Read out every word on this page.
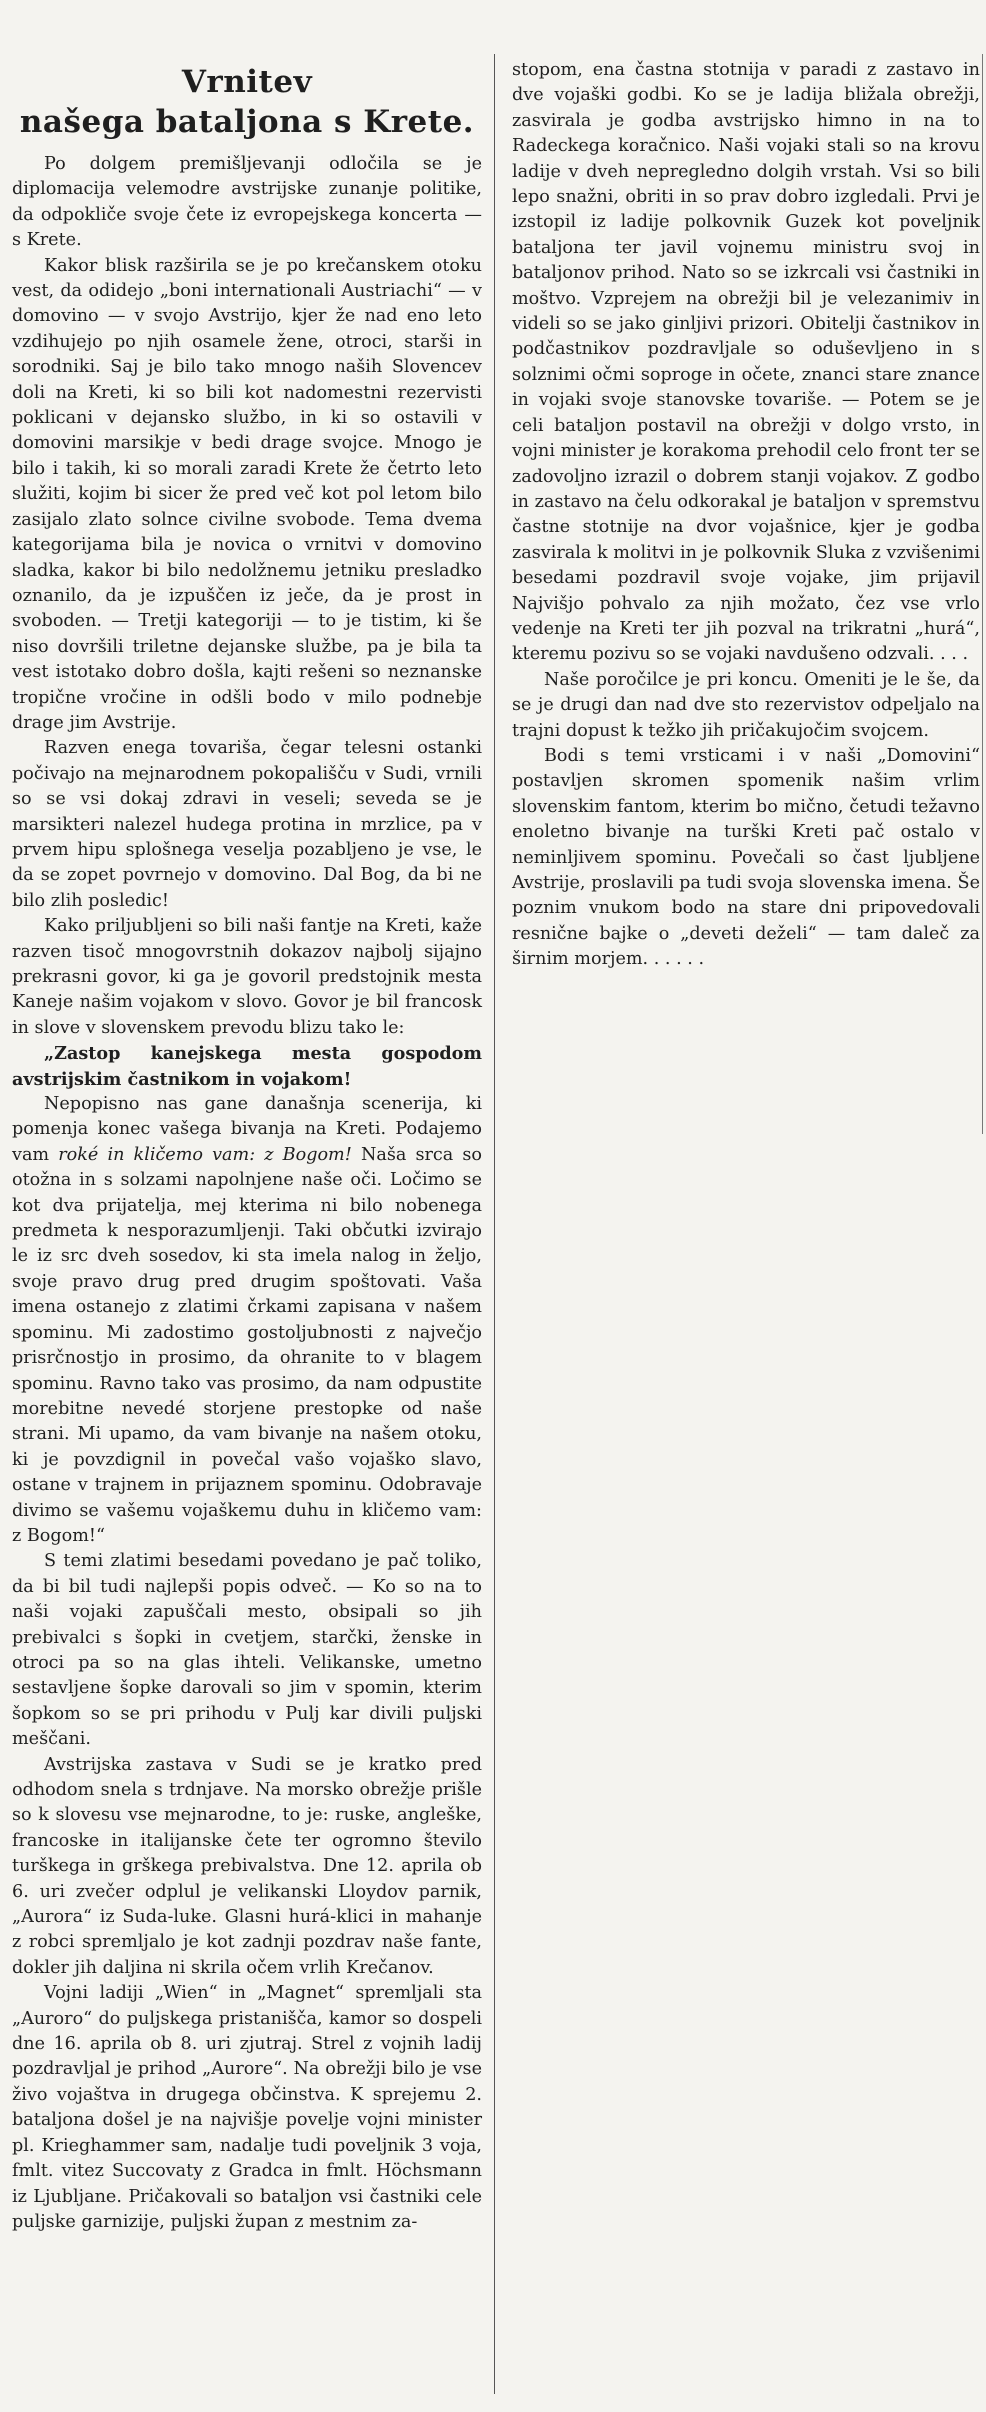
Vrnitev
našega bataljona s Krete.

Po dolgem premišljevanji odločila se je diplomacija velemodre avstrijske zunanje politike, da odpokliče svoje čete iz evropejskega koncerta — s Krete.

Kakor blisk razširila se je po krečanskem otoku vest, da odidejo „boni internationali Austriachi“ — v domovino — v svojo Avstrijo, kjer že nad eno leto vzdihujejo po njih osamele žene, otroci, starši in sorodniki. Saj je bilo tako mnogo naših Slovencev doli na Kreti, ki so bili kot nadomestni rezervisti poklicani v dejansko službo, in ki so ostavili v domovini marsikje v bedi drage svojce. Mnogo je bilo i takih, ki so morali zaradi Krete že četrto leto služiti, kojim bi sicer že pred več kot pol letom bilo zasijalo zlato solnce civilne svobode. Tema dvema kategorijama bila je novica o vrnitvi v domovino sladka, kakor bi bilo nedolžnemu jetniku presladko oznanilo, da je izpuščen iz ječe, da je prost in svoboden. — Tretji kategoriji — to je tistim, ki še niso dovršili triletne dejanske službe, pa je bila ta vest istotako dobro došla, kajti rešeni so neznanske tropične vročine in odšli bodo v milo podnebje drage jim Avstrije.

Razven enega tovariša, čegar telesni ostanki počivajo na mejnarodnem pokopališču v Sudi, vrnili so se vsi dokaj zdravi in veseli; seveda se je marsikteri nalezel hudega protina in mrzlice, pa v prvem hipu splošnega veselja pozabljeno je vse, le da se zopet povrnejo v domovino. Dal Bog, da bi ne bilo zlih posledic!

Kako priljubljeni so bili naši fantje na Kreti, kaže razven tisoč mnogovrstnih dokazov najbolj sijajno prekrasni govor, ki ga je govoril predstojnik mesta Kaneje našim vojakom v slovo. Govor je bil francosk in slove v slovenskem prevodu blizu tako le:

„Zastop kanejskega mesta gospodom avstrijskim častnikom in vojakom!

Nepopisno nas gane današnja scenerija, ki pomenja konec vašega bivanja na Kreti. Podajemo vam roké in kličemo vam: z Bogom! Naša srca so otožna in s solzami napolnjene naše oči. Ločimo se kot dva prijatelja, mej kterima ni bilo nobenega predmeta k nesporazumljenji. Taki občutki izvirajo le iz src dveh sosedov, ki sta imela nalog in željo, svoje pravo drug pred drugim spoštovati. Vaša imena ostanejo z zlatimi črkami zapisana v našem spominu. Mi zadostimo gostoljubnosti z največjo prisrčnostjo in prosimo, da ohranite to v blagem spominu. Ravno tako vas prosimo, da nam odpustite morebitne nevedé storjene prestopke od naše strani. Mi upamo, da vam bivanje na našem otoku, ki je povzdignil in povečal vašo vojaško slavo, ostane v trajnem in prijaznem spominu. Odobravaje divimo se vašemu vojaškemu duhu in kličemo vam: z Bogom!“

S temi zlatimi besedami povedano je pač toliko, da bi bil tudi najlepši popis odveč. — Ko so na to naši vojaki zapuščali mesto, obsipali so jih prebivalci s šopki in cvetjem, starčki, ženske in otroci pa so na glas ihteli. Velikanske, umetno sestavljene šopke darovali so jim v spomin, kterim šopkom so se pri prihodu v Pulj kar divili puljski meščani.

Avstrijska zastava v Sudi se je kratko pred odhodom snela s trdnjave. Na morsko obrežje prišle so k slovesu vse mejnarodne, to je: ruske, angleške, francoske in italijanske čete ter ogromno število turškega in grškega prebivalstva. Dne 12. aprila ob 6. uri zvečer odplul je velikanski Lloydov parnik, „Aurora“ iz Suda-luke. Glasni hurá-klici in mahanje z robci spremljalo je kot zadnji pozdrav naše fante, dokler jih daljina ni skrila očem vrlih Krečanov.

Vojni ladiji „Wien“ in „Magnet“ spremljali sta „Auroro“ do puljskega pristanišča, kamor so dospeli dne 16. aprila ob 8. uri zjutraj. Strel z vojnih ladij pozdravljal je prihod „Aurore“. Na obrežji bilo je vse živo vojaštva in drugega občinstva. K sprejemu 2. bataljona došel je na najvišje povelje vojni minister pl. Krieghammer sam, nadalje tudi poveljnik 3 voja, fmlt. vitez Succovaty z Gradca in fmlt. Höchsmann iz Ljubljane. Pričakovali so bataljon vsi častniki cele puljske garnizije, puljski župan z mestnim za-

stopom, ena častna stotnija v paradi z zastavo in dve vojaški godbi. Ko se je ladija bližala obrežji, zasvirala je godba avstrijsko himno in na to Radeckega koračnico. Naši vojaki stali so na krovu ladije v dveh nepregledno dolgih vrstah. Vsi so bili lepo snažni, obriti in so prav dobro izgledali. Prvi je izstopil iz ladije polkovnik Guzek kot poveljnik bataljona ter javil vojnemu ministru svoj in bataljonov prihod. Nato so se izkrcali vsi častniki in moštvo. Vzprejem na obrežji bil je velezanimiv in videli so se jako ginljivi prizori. Obitelji častnikov in podčastnikov pozdravljale so oduševljeno in s solznimi očmi soproge in očete, znanci stare znance in vojaki svoje stanovske tovariše. — Potem se je celi bataljon postavil na obrežji v dolgo vrsto, in vojni minister je korakoma prehodil celo front ter se zadovoljno izrazil o dobrem stanji vojakov. Z godbo in zastavo na čelu odkorakal je bataljon v spremstvu častne stotnije na dvor vojašnice, kjer je godba zasvirala k molitvi in je polkovnik Sluka z vzvišenimi besedami pozdravil svoje vojake, jim prijavil Najvišjo pohvalo za njih možato, čez vse vrlo vedenje na Kreti ter jih pozval na trikratni „hurá“, kteremu pozivu so se vojaki navdušeno odzvali. . . .

Naše poročilce je pri koncu. Omeniti je le še, da se je drugi dan nad dve sto rezervistov odpeljalo na trajni dopust k težko jih pričakujočim svojcem.

Bodi s temi vrsticami i v naši „Domovini“ postavljen skromen spomenik našim vrlim slovenskim fantom, kterim bo mično, četudi težavno enoletno bivanje na turški Kreti pač ostalo v neminljivem spominu. Povečali so čast ljubljene Avstrije, proslavili pa tudi svoja slovenska imena. Še poznim vnukom bodo na stare dni pripovedovali resnične bajke o „deveti deželi“ — tam daleč za širnim morjem. . . . . .
